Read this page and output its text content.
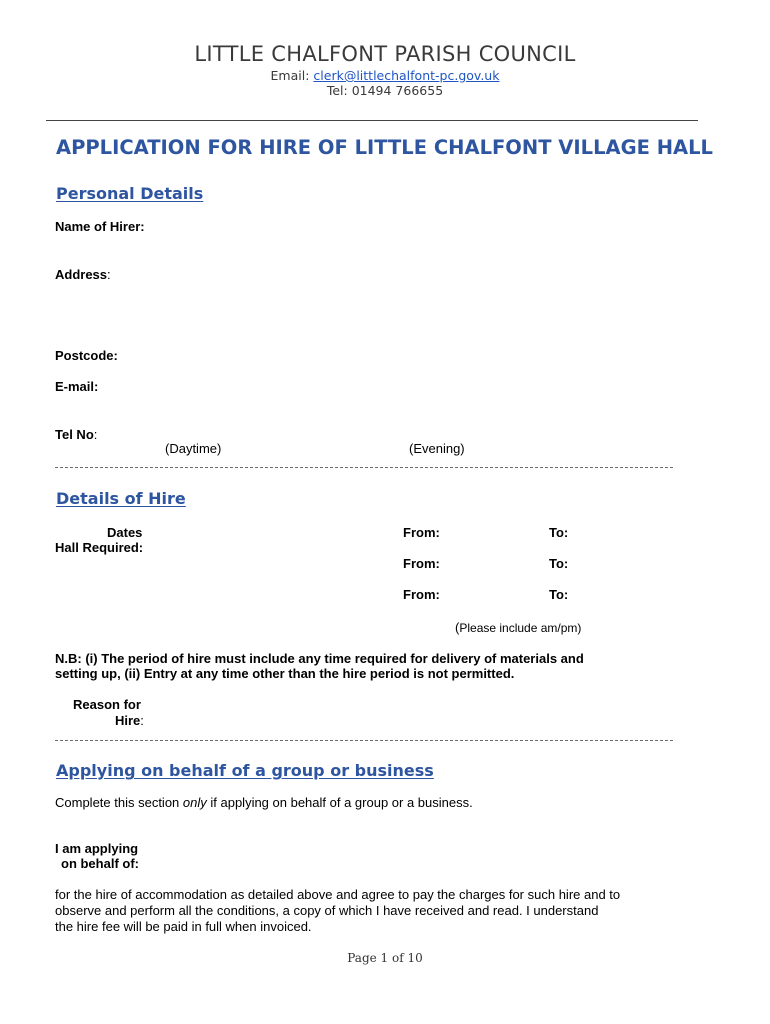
LITTLE CHALFONT PARISH COUNCIL
Email: clerk@littlechalfont-pc.gov.uk
Tel: 01494 766655
APPLICATION FOR HIRE OF LITTLE CHALFONT VILLAGE HALL
Personal Details
Name of Hirer:
Address:
Postcode:
E-mail:
Tel No:
(Daytime)	(Evening)
Details of Hire
Dates
Hall Required:
From:	To:
From:	To:
From:	To:
(Please include am/pm)
N.B: (i) The period of hire must include any time required for delivery of materials and
setting up, (ii) Entry at any time other than the hire period is not permitted.
Reason for
Hire:
Applying on behalf of a group or business
Complete this section only if applying on behalf of a group or a business.
I am applying
on behalf of:
for the hire of accommodation as detailed above and agree to pay the charges for such hire and to
observe and perform all the conditions, a copy of which I have received and read. I understand
the hire fee will be paid in full when invoiced.
Page 1 of 10
